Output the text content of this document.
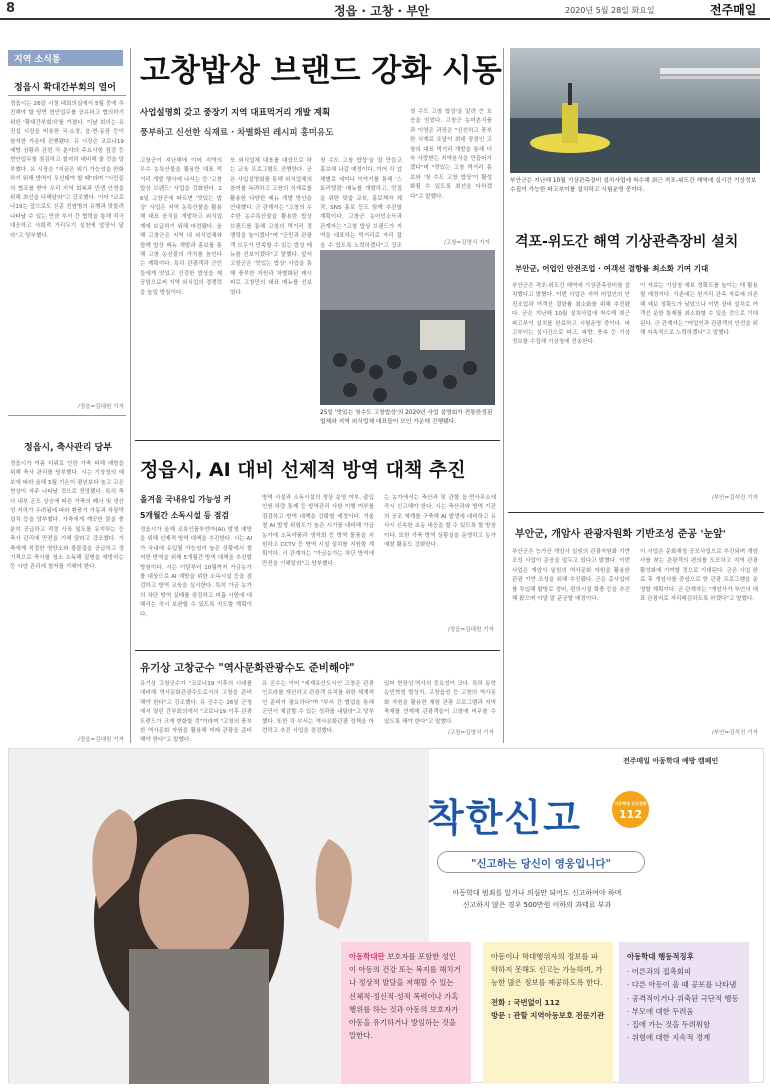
8	정읍 · 고창 · 부안	2020년 5월 28일 화요일	전주매일
지역 소식통
정읍시 확대간부회의 열어
정읍시는 26일 시청 대회의실에서 5월 중에 추진해야 할 당면 현안업무를 공유하고 협의하기 위한 '확대간부회의'를 가졌다. 이날 회의는 유진섭 시장을 비롯한 국·소장, 읍·면·동장 등이 참석한 가운데 진행됐다. 유 시장은 코로나19 예방 상황과 관련 각 분야의 주요사항 점검 등 현안업무를 점검하고 철저히 대비해 줄 것을 당부했다. 유 시장은 "지금은 위기 가능성을 완화하기 위해 방역이 우선돼야 할 때"라며 "시민들의 협조를 받아 우리 지역 회복과 민생 안정을 위해 최선을 다해달라"고 강조했다. 이어 "코로나19는 앞으로도 신종 전염병의 유행과 맞물려 나타날 수 있는 만큼 부서 간 협력을 통해 적극 대응하고 사회적 거리두기 실천에 앞장서 달라"고 당부했다.
/정읍=김대원 기자
정읍시, 축사관리 당부
정읍시가 여름 더위로 인한 가축 피해 예방을 위해 축사 관리를 당부했다. 시는 기상청의 예보에 따라 올해 5월 기온이 평년보다 높고 고온 현상이 자주 나타날 것으로 전망됐다. 특히 축사 내부 온도 상승에 따른 가축의 폐사 및 생산성 저하가 우려됨에 따라 환풍기 가동과 차광막 설치 등을 당부했다. 가축에게 깨끗한 물을 충분히 공급하고 적정 사육 밀도를 유지하는 등 축사 관리에 만전을 기해 달라고 강조했다. 가축에게 적절한 영양소와 광물질을 공급하고 정기적으로 축사를 청소 소독해 질병을 예방하는 등 사양 관리에 철저를 기해야 한다.
/정읍=김대원 기자
고창밥상 브랜드 강화 시동
사업설명회 갖고 중장기 지역 대표먹거리 개발 계획
풍부하고 신선한 식재료 · 차별화된 레시피 홍미유도
고창군이 지난해에 이어 지역의 우수 농특산물을 활용한 대표 먹거리 개발 행사에 나서는 등 '고창 밥상 브랜드' 사업을 강화한다. 26일 고창군에 따르면 '맛있는 밥상' 사업은 지역 농특산물을 활용해 대표 음식을 개발하고 외식업계에 보급하기 위해 마련됐다. 올해 고창군은 지역 내 외식업체와 함께 밥상 메뉴 개발과 홍보를 통해 고창 농산물의 가치를 높인다는 계획이다. 특히 관광객과 군민들에게 맛있고 건강한 밥상을 제공함으로써 지역 외식업의 경쟁력을 높일 방침이다.
또 외식업체 대표를 대상으로 하는 교육 프로그램도 진행한다. 군은 사업설명회를 통해 외식업체의 참여를 독려하고 고창의 식재료를 활용한 다양한 메뉴 개발 방안을 안내했다. 군 관계자는 "고창의 우수한 농수특산물을 활용한 밥상 브랜드를 통해 고창의 먹거리 경쟁력을 높이겠다"며 "군민과 관광객 모두가 만족할 수 있는 밥상 메뉴를 선보이겠다"고 말했다. 앞서 고창군은 '맛있는 밥상' 사업을 통해 풍부한 자원과 차별화된 레시피로 고창만의 대표 메뉴를 선보였다.
첫 수도 고창 밥상'을 잘 만들고 홍보해 나갈 예정이다. 이어 각 업체별로 세미나 이야기를 통해 '스토리텔링' 메뉴를 개발하고, 맛집을 위한 맞춤 교육, 홍보책자 제작, SNS 홍보 등도 함께 추진할 계획이다. 고창군 농어민소득과 관계자는 "고창 밥상 브랜드가 지역을 대표하는 먹거리로 자리 잡을 수 있도록 노력하겠다"고 강조
첫 수도 고창 밥상'을 알려 큰 호응을 얻었다. 고창군 농어촌식품과 이영은 과장은 "신선하고 풍부한 식재료 조달이 최대 장점인 고창의 대표 먹거리 개발을 통해 더욱 사랑받는 지역음식을 만들어가겠다"며 "맛있는 고창 먹거리 홍보와 '첫 수도 고창 밥상'이 활성화될 수 있도록 최선을 다하겠다"고 말했다.
/고창=김영식 기자
25일 '맛있는 첫수도 고창밥상'의 2020년 사업 설명회가 전통한정된 업체와 지역 외식업체 대표들이 모인 가운데 진행됐다.
정읍시, AI 대비 선제적 방역 대책 추진
올겨울 국내유입 가능성 커
5개월간 소독시설 등 점검
정읍시가 올해 조류인플루엔자(AI) 발생 예방을 위해 선제적 방역 대책을 추진한다. 시는 AI가 국내에 유입될 가능성이 높은 상황에서 철저한 방역을 위해 5개월간 방역 대책을 추진할 방침이다. 시는 이달부터 10월까지 가금농가를 대상으로 AI 예방을 위한 소독시설 등을 점검하고 방역 교육을 실시한다. 특히 가금 농가의 차단 방역 실태를 점검하고 미흡 사항에 대해서는 즉시 보완할 수 있도록 지도할 계획이다.
방역 시설과 소독시설의 정상 운영 여부, 출입 인원·차량 통제 등 방역관리 사항 이행 여부를 점검하고 방역 대책을 강화할 예정이다. 겨울철 AI 발생 위험도가 높은 시기를 대비해 가금 농가에 소독약품과 생석회 등 방역 물품을 지원하고 CCTV 등 방역 시설 설치를 지원할 계획이다. 시 관계자는 "가금농가는 차단 방역에 만전을 기해달라"고 당부했다.
는 농가에서는 축산과 및 관할 읍·면사무소에 즉시 신고해야 한다. 시는 축산과와 방역 기관의 공조 체계를 구축해 AI 발생에 대비하고 유사시 신속한 초동 대응을 할 수 있도록 할 방침이다. 또한 가축 방역 상황실을 운영하고 농가 예찰 활동도 강화한다.
/정읍=김대원 기자
유기상 고창군수 "역사문화관광수도 준비해야"
유기상 고창군수가 "코로나19 이후의 시대를 대비해 역사문화관광수도로서의 고창을 준비해야 한다"고 강조했다. 유 군수는 26일 군청에서 열린 간부회의에서 "코로나19 이후 관광 트렌드가 크게 변화할 것"이라며 "고창의 풍부한 역사문화 자원을 활용해 미래 관광을 준비해야 한다"고 말했다.
유 군수는 이어 "세계유산도시인 고창은 관광 인프라를 개선하고 관광객 유치를 위한 체계적인 준비가 필요하다"며 "부서 간 협업을 통해 군민이 체감할 수 있는 성과를 내달라"고 당부했다. 또한 각 부서는 역사문화관광 정책을 마련하고 추진 사업을 점검했다.
있어 현장성·역사의 중요성이 크다. 특히 동학농민혁명 발상지, 고창읍성 등 고창의 역사문화 자원을 활용한 체험 관광 프로그램과 지역 축제를 연계해 관광객들이 고창에 머무를 수 있도록 해야 한다"고 말했다.
/고창=김영식 기자
부안군은 지난해 10월 기상관측장비 설치사업에 착수해 최근 격포-위도간 해역에 실시간 기상정보 수집이 가능한 파고부이를 설치하고 시험운영 중이다.
격포-위도간 해역 기상관측장비 설치
부안군, 어업인 안전조업 · 여객선 결항률 최소화 기여 기대
부안군은 격포-위도간 해역에 기상관측장비를 설치했다고 밝혔다. 이번 사업은 지역 어업인의 안전조업과 여객선 결항률 최소화를 위해 추진됐다. 군은 지난해 10월 설치사업에 착수해 최근 파고부이 설치를 완료하고 시험운영 중이다. 파고부이는 실시간으로 파고, 파향, 풍속 등 기상 정보를 수집해 기상청에 전송한다.
이 자료는 기상청 예보 정확도를 높이는 데 활용될 예정이다. 기존에는 원거리 관측 자료에 의존해 예보 정확도가 낮았으나 이번 장비 설치로 여객선 운항 통제를 최소화할 수 있을 것으로 기대된다. 군 관계자는 "어업인과 관광객의 안전을 위해 지속적으로 노력하겠다"고 말했다.
/부안=김석진 기자
부안군, 개암사 관광자원화 기반조성 준공 '눈앞'
부안군은 능가산 개암사 일원의 관광자원화 기반조성 사업이 준공을 앞두고 있다고 밝혔다. 이번 사업은 개암사 일원의 역사문화 자원을 활용한 관광 기반 조성을 위해 추진됐다. 군은 총사업비를 투입해 탐방로 정비, 편의시설 확충 등을 추진해 왔으며 이달 말 준공할 예정이다.
이 사업은 문화재청 공모사업으로 추진되며 개암사를 찾는 관광객의 편의를 도모하고 지역 관광 활성화에 기여할 것으로 기대된다. 군은 사업 완료 후 개암사를 중심으로 한 관광 프로그램을 운영할 계획이다. 군 관계자는 "개암사가 부안의 대표 관광지로 자리매김하도록 하겠다"고 말했다.
/부안=김석진 기자
전주매일 아동학대 예방 캠페인
착한신고	아동학대 신고전화
112
"신고하는 당신이 영웅입니다"
아동학대 범죄를 알거나 의심만 되어도 신고하여야 하며
신고하지 않은 경우 500만원 이하의 과태료 부과
아동학대란 보호자를 포함한 성인이 아동의 건강 또는 복지를 해치거나 정상적 발달을 저해할 수 있는 신체적·정신적·성적 폭력이나 가혹행위를 하는 것과 아동의 보호자가 아동을 유기하거나 방임하는 것을 말한다.
아동이나 학대행위자의 정보를 파악하지 못해도 신고는 가능하며, 가능한 많은 정보를 제공하도록 한다.
전화 : 국번없이 112
방문 : 관할 지역아동보호 전문기관
아동학대 행동적징후
· 어른과의 접촉회피
· 다른 아동이 울 때 공포를 나타냄
· 공격적이거나 위축된 극단적 행동
· 부모에 대한 두려움
· 집에 가는 것을 두려워함
· 위험에 대한 지속적 경계
